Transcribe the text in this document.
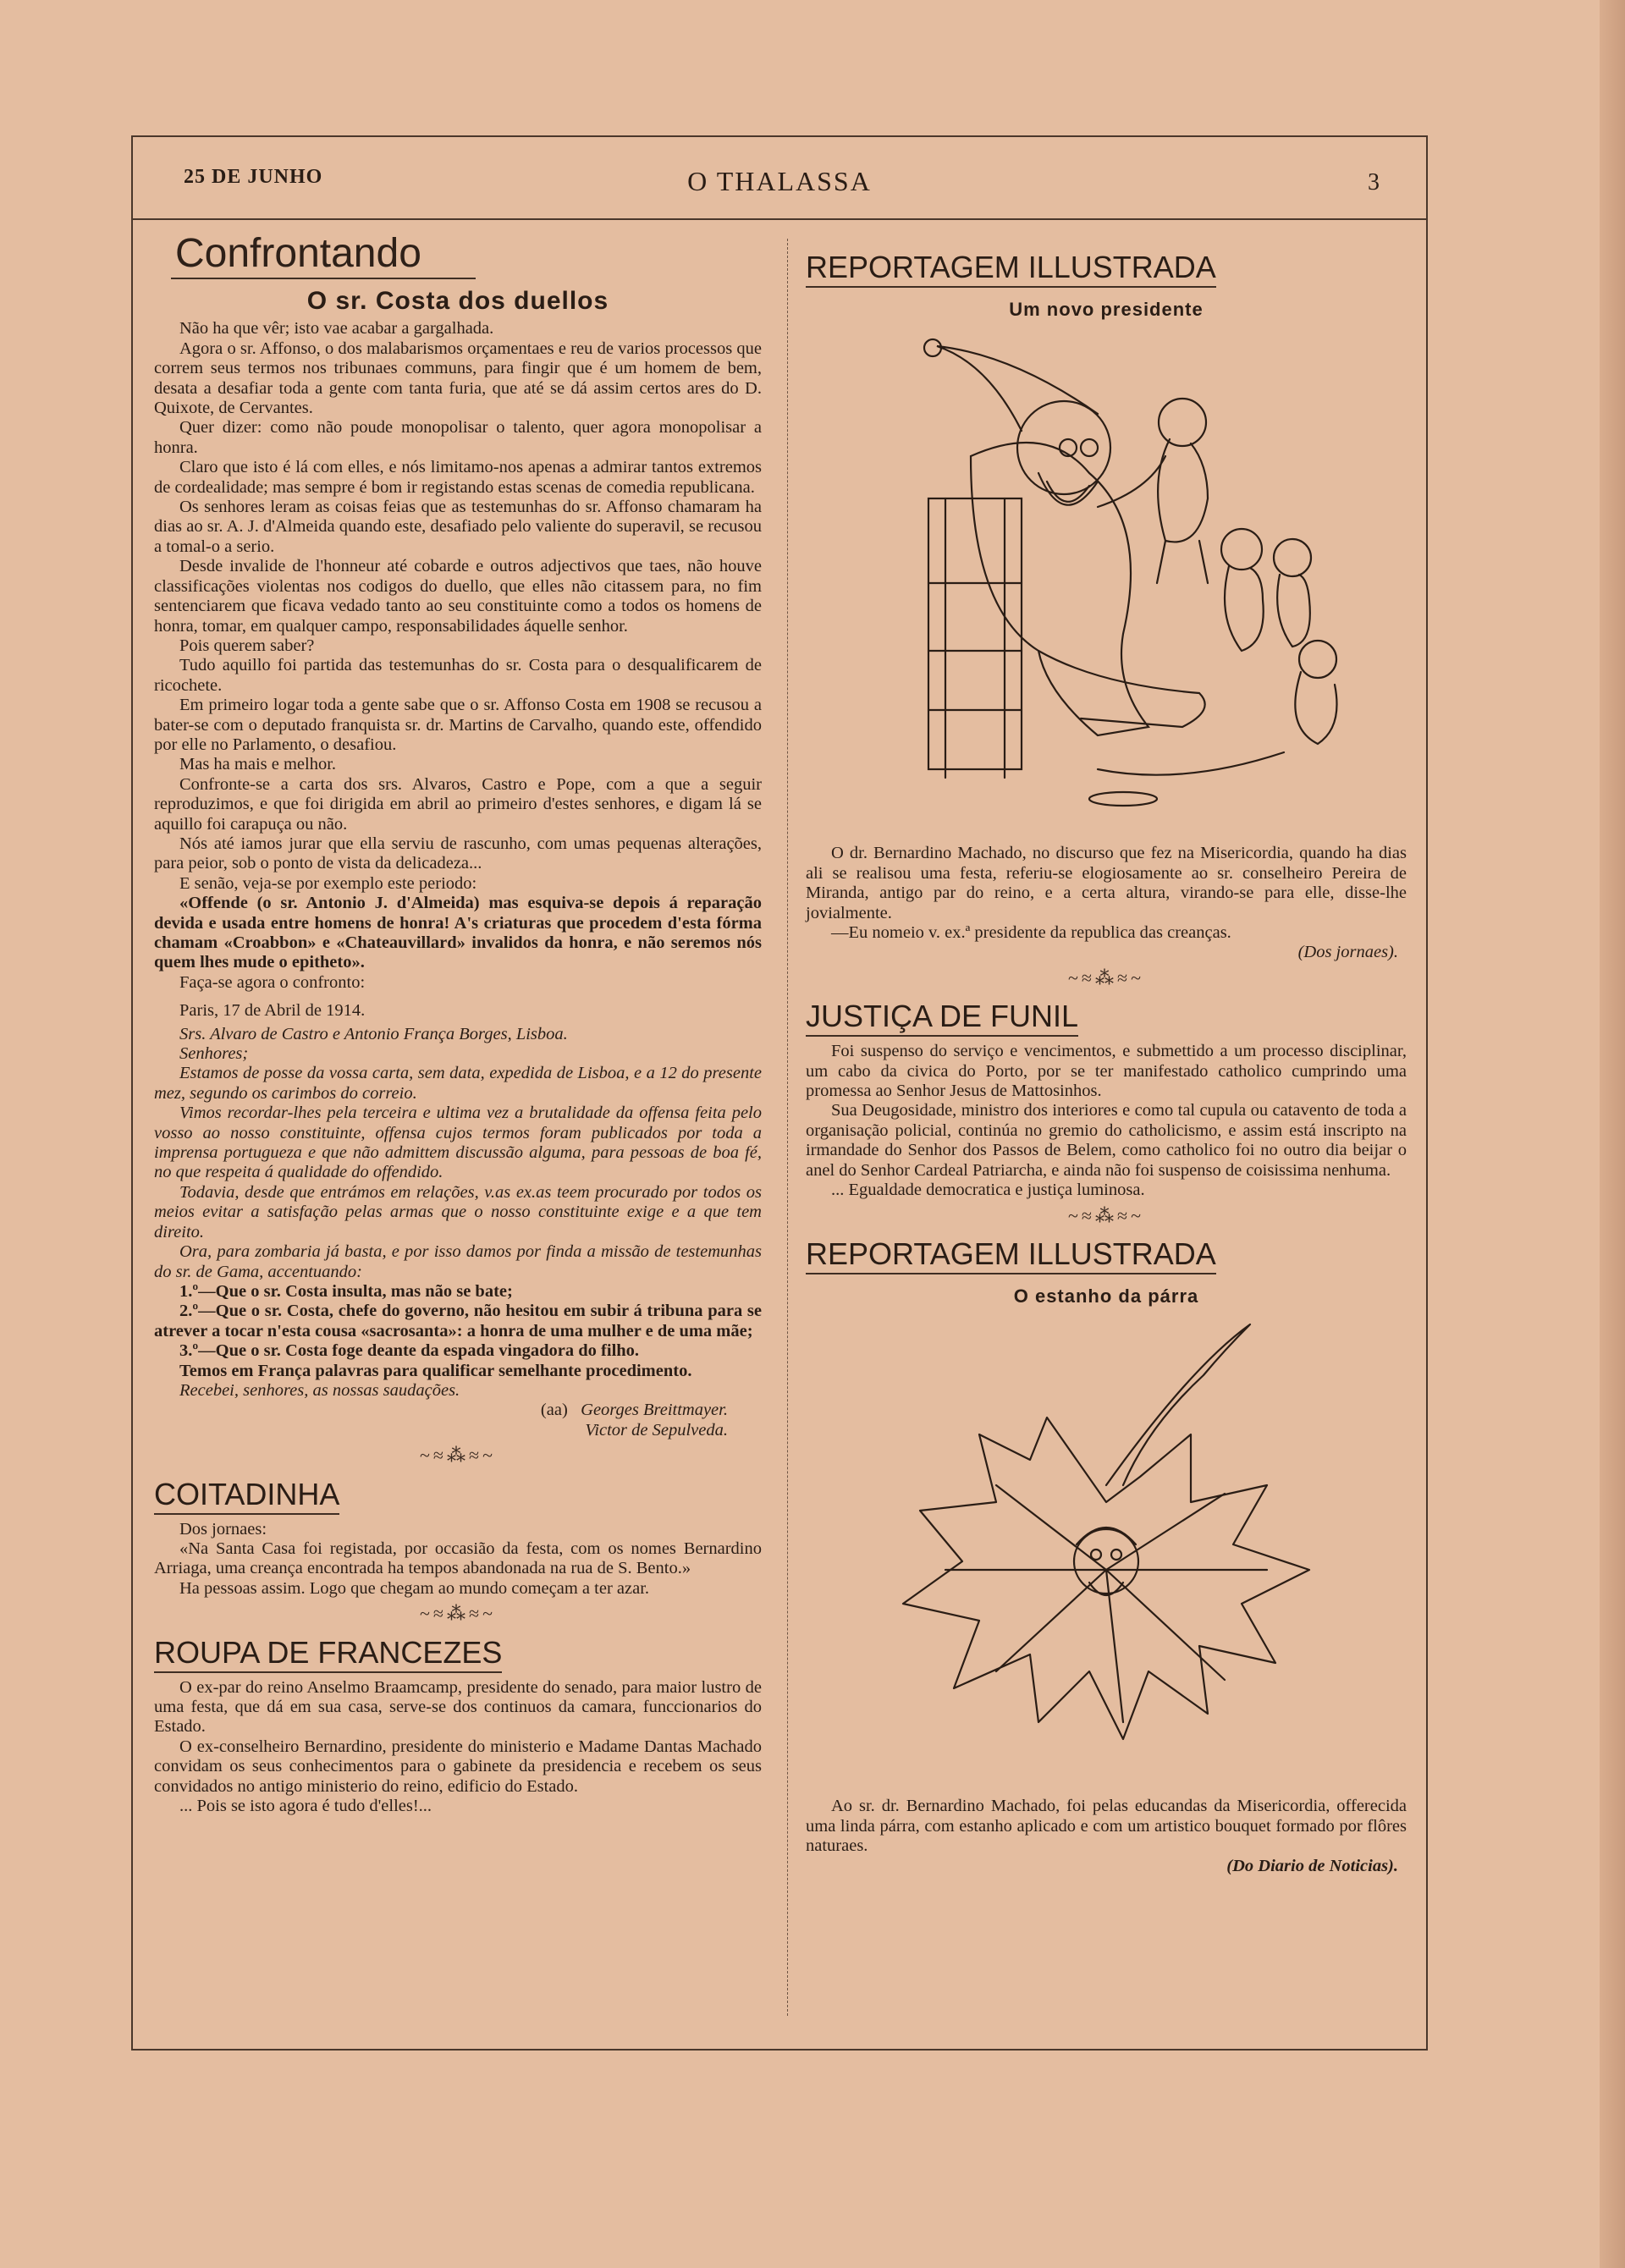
25 DE JUNHO	O THALASSA	3
Confrontando
O sr. Costa dos duellos

Não ha que vêr; isto vae acabar a gargalhada.

Agora o sr. Affonso, o dos malabarismos orçamentaes e reu de varios processos que correm seus termos nos tribunaes communs, para fingir que é um homem de bem, desata a desafiar toda a gente com tanta furia, que até se dá assim certos ares do D. Quixote, de Cervantes.

Quer dizer: como não poude monopolisar o talento, quer agora monopolisar a honra.

Claro que isto é lá com elles, e nós limitamo-nos apenas a admirar tantos extremos de cordealidade; mas sempre é bom ir registando estas scenas de comedia republicana.

Os senhores leram as coisas feias que as testemunhas do sr. Affonso chamaram ha dias ao sr. A. J. d'Almeida quando este, desafiado pelo valiente do superavil, se recusou a tomal-o a serio.

Desde invalide de l'honneur até cobarde e outros adjectivos que taes, não houve classificações violentas nos codigos do duello, que elles não citassem para, no fim sentenciarem que ficava vedado tanto ao seu constituinte como a todos os homens de honra, tomar, em qualquer campo, responsabilidades áquelle senhor.

Pois querem saber?

Tudo aquillo foi partida das testemunhas do sr. Costa para o desqualificarem de ricochete.

Em primeiro logar toda a gente sabe que o sr. Affonso Costa em 1908 se recusou a bater-se com o deputado franquista sr. dr. Martins de Carvalho, quando este, offendido por elle no Parlamento, o desafiou.

Mas ha mais e melhor.

Confronte-se a carta dos srs. Alvaros, Castro e Pope, com a que a seguir reproduzimos, e que foi dirigida em abril ao primeiro d'estes senhores, e digam lá se aquillo foi carapuça ou não.

Nós até iamos jurar que ella serviu de rascunho, com umas pequenas alterações, para peior, sob o ponto de vista da delicadeza...

E senão, veja-se por exemplo este periodo:

«Offende (o sr. Antonio J. d'Almeida) mas esquiva-se depois á reparação devida e usada entre homens de honra! A's criaturas que procedem d'esta fórma chamam «Croabbon» e «Chateauvillard» invalidos da honra, e não seremos nós quem lhes mude o epitheto».

Faça-se agora o confronto:

Paris, 17 de Abril de 1914.

Srs. Alvaro de Castro e Antonio França Borges, Lisboa.

Senhores;

Estamos de posse da vossa carta, sem data, expedida de Lisboa, e a 12 do presente mez, segundo os carimbos do correio.

Vimos recordar-lhes pela terceira e ultima vez a brutalidade da offensa feita pelo vosso ao nosso constituinte, offensa cujos termos foram publicados por toda a imprensa portugueza e que não admittem discussão alguma, para pessoas de boa fé, no que respeita á qualidade do offendido.

Todavia, desde que entrámos em relações, v.as ex.as teem procurado por todos os meios evitar a satisfação pelas armas que o nosso constituinte exige e a que tem direito.

Ora, para zombaria já basta, e por isso damos por finda a missão de testemunhas do sr. de Gama, accentuando:

1.º—Que o sr. Costa insulta, mas não se bate;

2.º—Que o sr. Costa, chefe do governo, não hesitou em subir á tribuna para se atrever a tocar n'esta cousa «sacrosanta»: a honra de uma mulher e de uma mãe;

3.º—Que o sr. Costa foge deante da espada vingadora do filho.

Temos em França palavras para qualificar semelhante procedimento.

Recebei, senhores, as nossas saudações.

(aa) Georges Breittmayer.
Victor de Sepulveda.
~≈⁂≈~
COITADINHA

Dos jornaes:

«Na Santa Casa foi registada, por occasião da festa, com os nomes Bernardino Arriaga, uma creança encontrada ha tempos abandonada na rua de S. Bento.»

Ha pessoas assim. Logo que chegam ao mundo começam a ter azar.

~≈⁂≈~
ROUPA DE FRANCEZES

O ex-par do reino Anselmo Braamcamp, presidente do senado, para maior lustro de uma festa, que dá em sua casa, serve-se dos continuos da camara, funccionarios do Estado.

O ex-conselheiro Bernardino, presidente do ministerio e Madame Dantas Machado convidam os seus conhecimentos para o gabinete da presidencia e recebem os seus convidados no antigo ministerio do reino, edificio do Estado.

... Pois se isto agora é tudo d'elles!...

REPORTAGEM ILLUSTRADA
Um novo presidente

O dr. Bernardino Machado, no discurso que fez na Misericordia, quando ha dias ali se realisou uma festa, referiu-se elogiosamente ao sr. conselheiro Pereira de Miranda, antigo par do reino, e a certa altura, virando-se para elle, disse-lhe jovialmente.

—Eu nomeio v. ex.ª presidente da republica das creanças.

(Dos jornaes).
~≈⁂≈~
JUSTIÇA DE FUNIL

Foi suspenso do serviço e vencimentos, e submettido a um processo disciplinar, um cabo da civica do Porto, por se ter manifestado catholico cumprindo uma promessa ao Senhor Jesus de Mattosinhos.

Sua Deugosidade, ministro dos interiores e como tal cupula ou catavento de toda a organisação policial, continúa no gremio do catholicismo, e assim está inscripto na irmandade do Senhor dos Passos de Belem, como catholico foi no outro dia beijar o anel do Senhor Cardeal Patriarcha, e ainda não foi suspenso de coisissima nenhuma.

... Egualdade democratica e justiça luminosa.

~≈⁂≈~
REPORTAGEM ILLUSTRADA
O estanho da párra

Ao sr. dr. Bernardino Machado, foi pelas educandas da Misericordia, offerecida uma linda párra, com estanho aplicado e com um artistico bouquet formado por flôres naturaes.

(Do Diario de Noticias).
